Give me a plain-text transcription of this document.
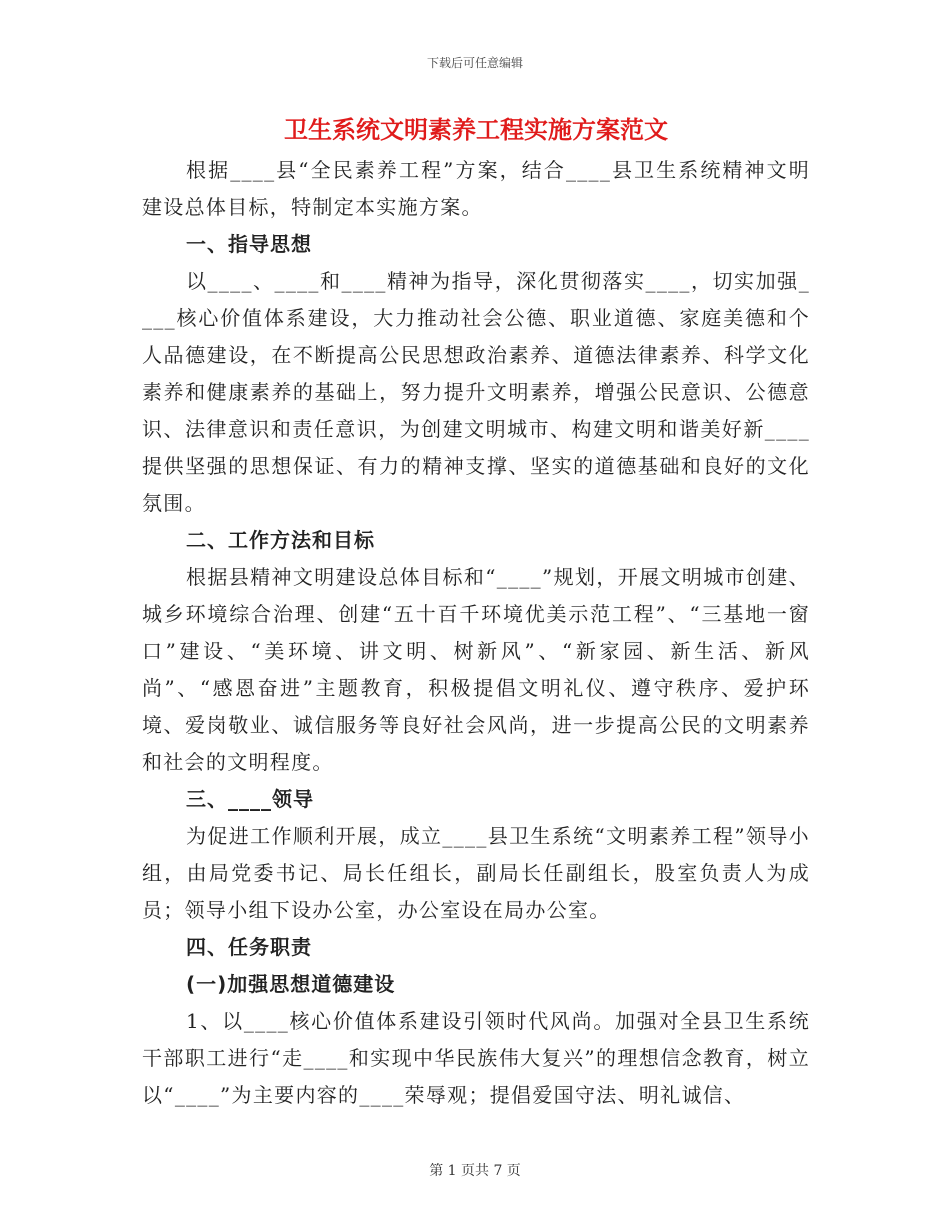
下载后可任意编辑
卫生系统文明素养工程实施方案范文

根据____县“全民素养工程”方案，结合____县卫生系统精神文明建设总体目标，特制定本实施方案。

一、指导思想

以____、____和____精神为指导，深化贯彻落实____，切实加强____核心价值体系建设，大力推动社会公德、职业道德、家庭美德和个人品德建设，在不断提高公民思想政治素养、道德法律素养、科学文化素养和健康素养的基础上，努力提升文明素养，增强公民意识、公德意识、法律意识和责任意识，为创建文明城市、构建文明和谐美好新____提供坚强的思想保证、有力的精神支撑、坚实的道德基础和良好的文化氛围。

二、工作方法和目标

根据县精神文明建设总体目标和“____”规划，开展文明城市创建、城乡环境综合治理、创建“五十百千环境优美示范工程”、“三基地一窗口”建设、“美环境、讲文明、树新风”、“新家园、新生活、新风尚”、“感恩奋进”主题教育，积极提倡文明礼仪、遵守秩序、爱护环境、爱岗敬业、诚信服务等良好社会风尚，进一步提高公民的文明素养和社会的文明程度。

三、____领导

为促进工作顺利开展，成立____县卫生系统“文明素养工程”领导小组，由局党委书记、局长任组长，副局长任副组长，股室负责人为成员；领导小组下设办公室，办公室设在局办公室。

四、任务职责
(一)加强思想道德建设

1、以____核心价值体系建设引领时代风尚。加强对全县卫生系统干部职工进行“走____和实现中华民族伟大复兴”的理想信念教育，树立以“____”为主要内容的____荣辱观；提倡爱国守法、明礼诚信、

第 1 页共 7 页
